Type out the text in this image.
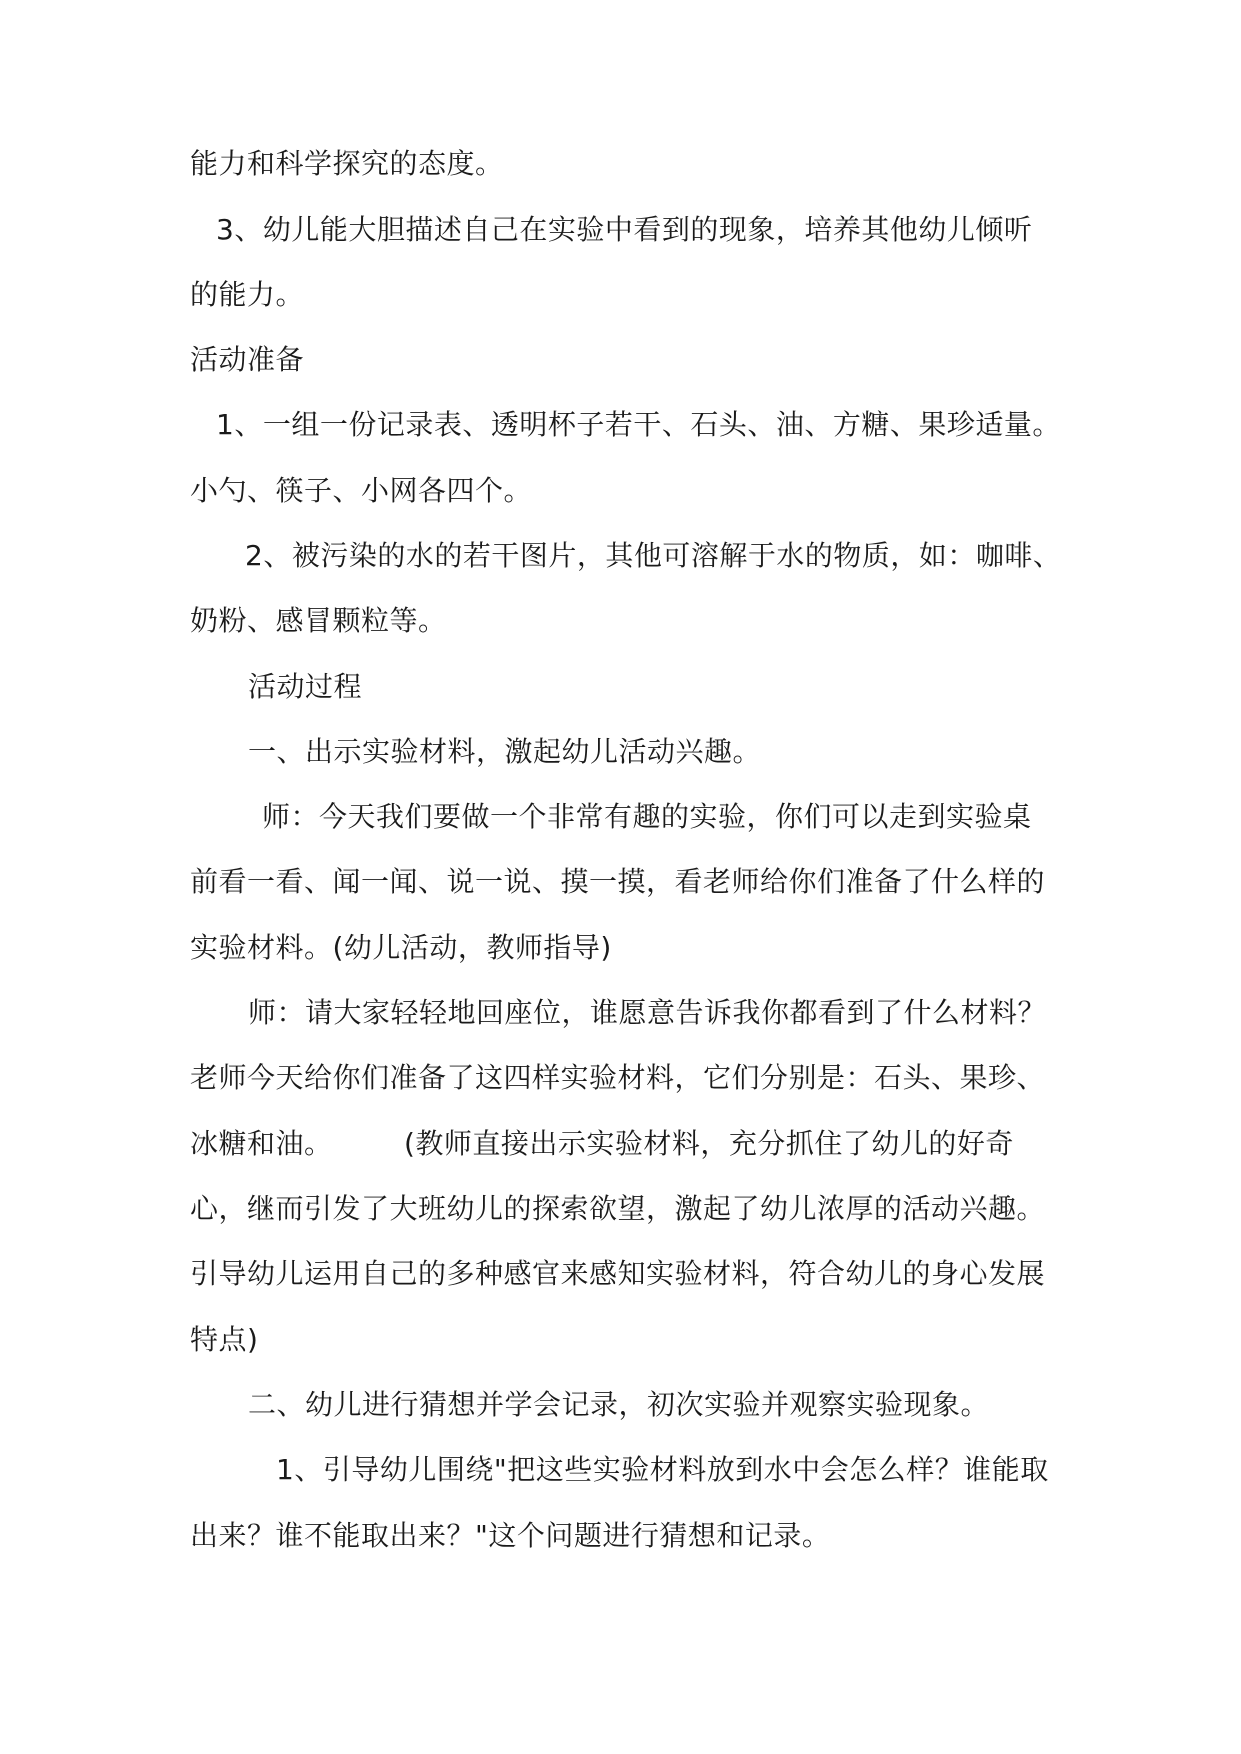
能力和科学探究的态度。
3、幼儿能大胆描述自己在实验中看到的现象，培养其他幼儿倾听
的能力。
活动准备
1、一组一份记录表、透明杯子若干、石头、油、方糖、果珍适量。
小勺、筷子、小网各四个。
2、被污染的水的若干图片，其他可溶解于水的物质，如：咖啡、
奶粉、感冒颗粒等。
活动过程
一、出示实验材料，激起幼儿活动兴趣。
师：今天我们要做一个非常有趣的实验，你们可以走到实验桌
前看一看、闻一闻、说一说、摸一摸，看老师给你们准备了什么样的
实验材料。(幼儿活动，教师指导)
师：请大家轻轻地回座位，谁愿意告诉我你都看到了什么材料？
老师今天给你们准备了这四样实验材料，它们分别是：石头、果珍、
冰糖和油。　　　(教师直接出示实验材料，充分抓住了幼儿的好奇
心，继而引发了大班幼儿的探索欲望，激起了幼儿浓厚的活动兴趣。
引导幼儿运用自己的多种感官来感知实验材料，符合幼儿的身心发展
特点)
二、幼儿进行猜想并学会记录，初次实验并观察实验现象。
1、引导幼儿围绕"把这些实验材料放到水中会怎么样？谁能取
出来？谁不能取出来？"这个问题进行猜想和记录。
